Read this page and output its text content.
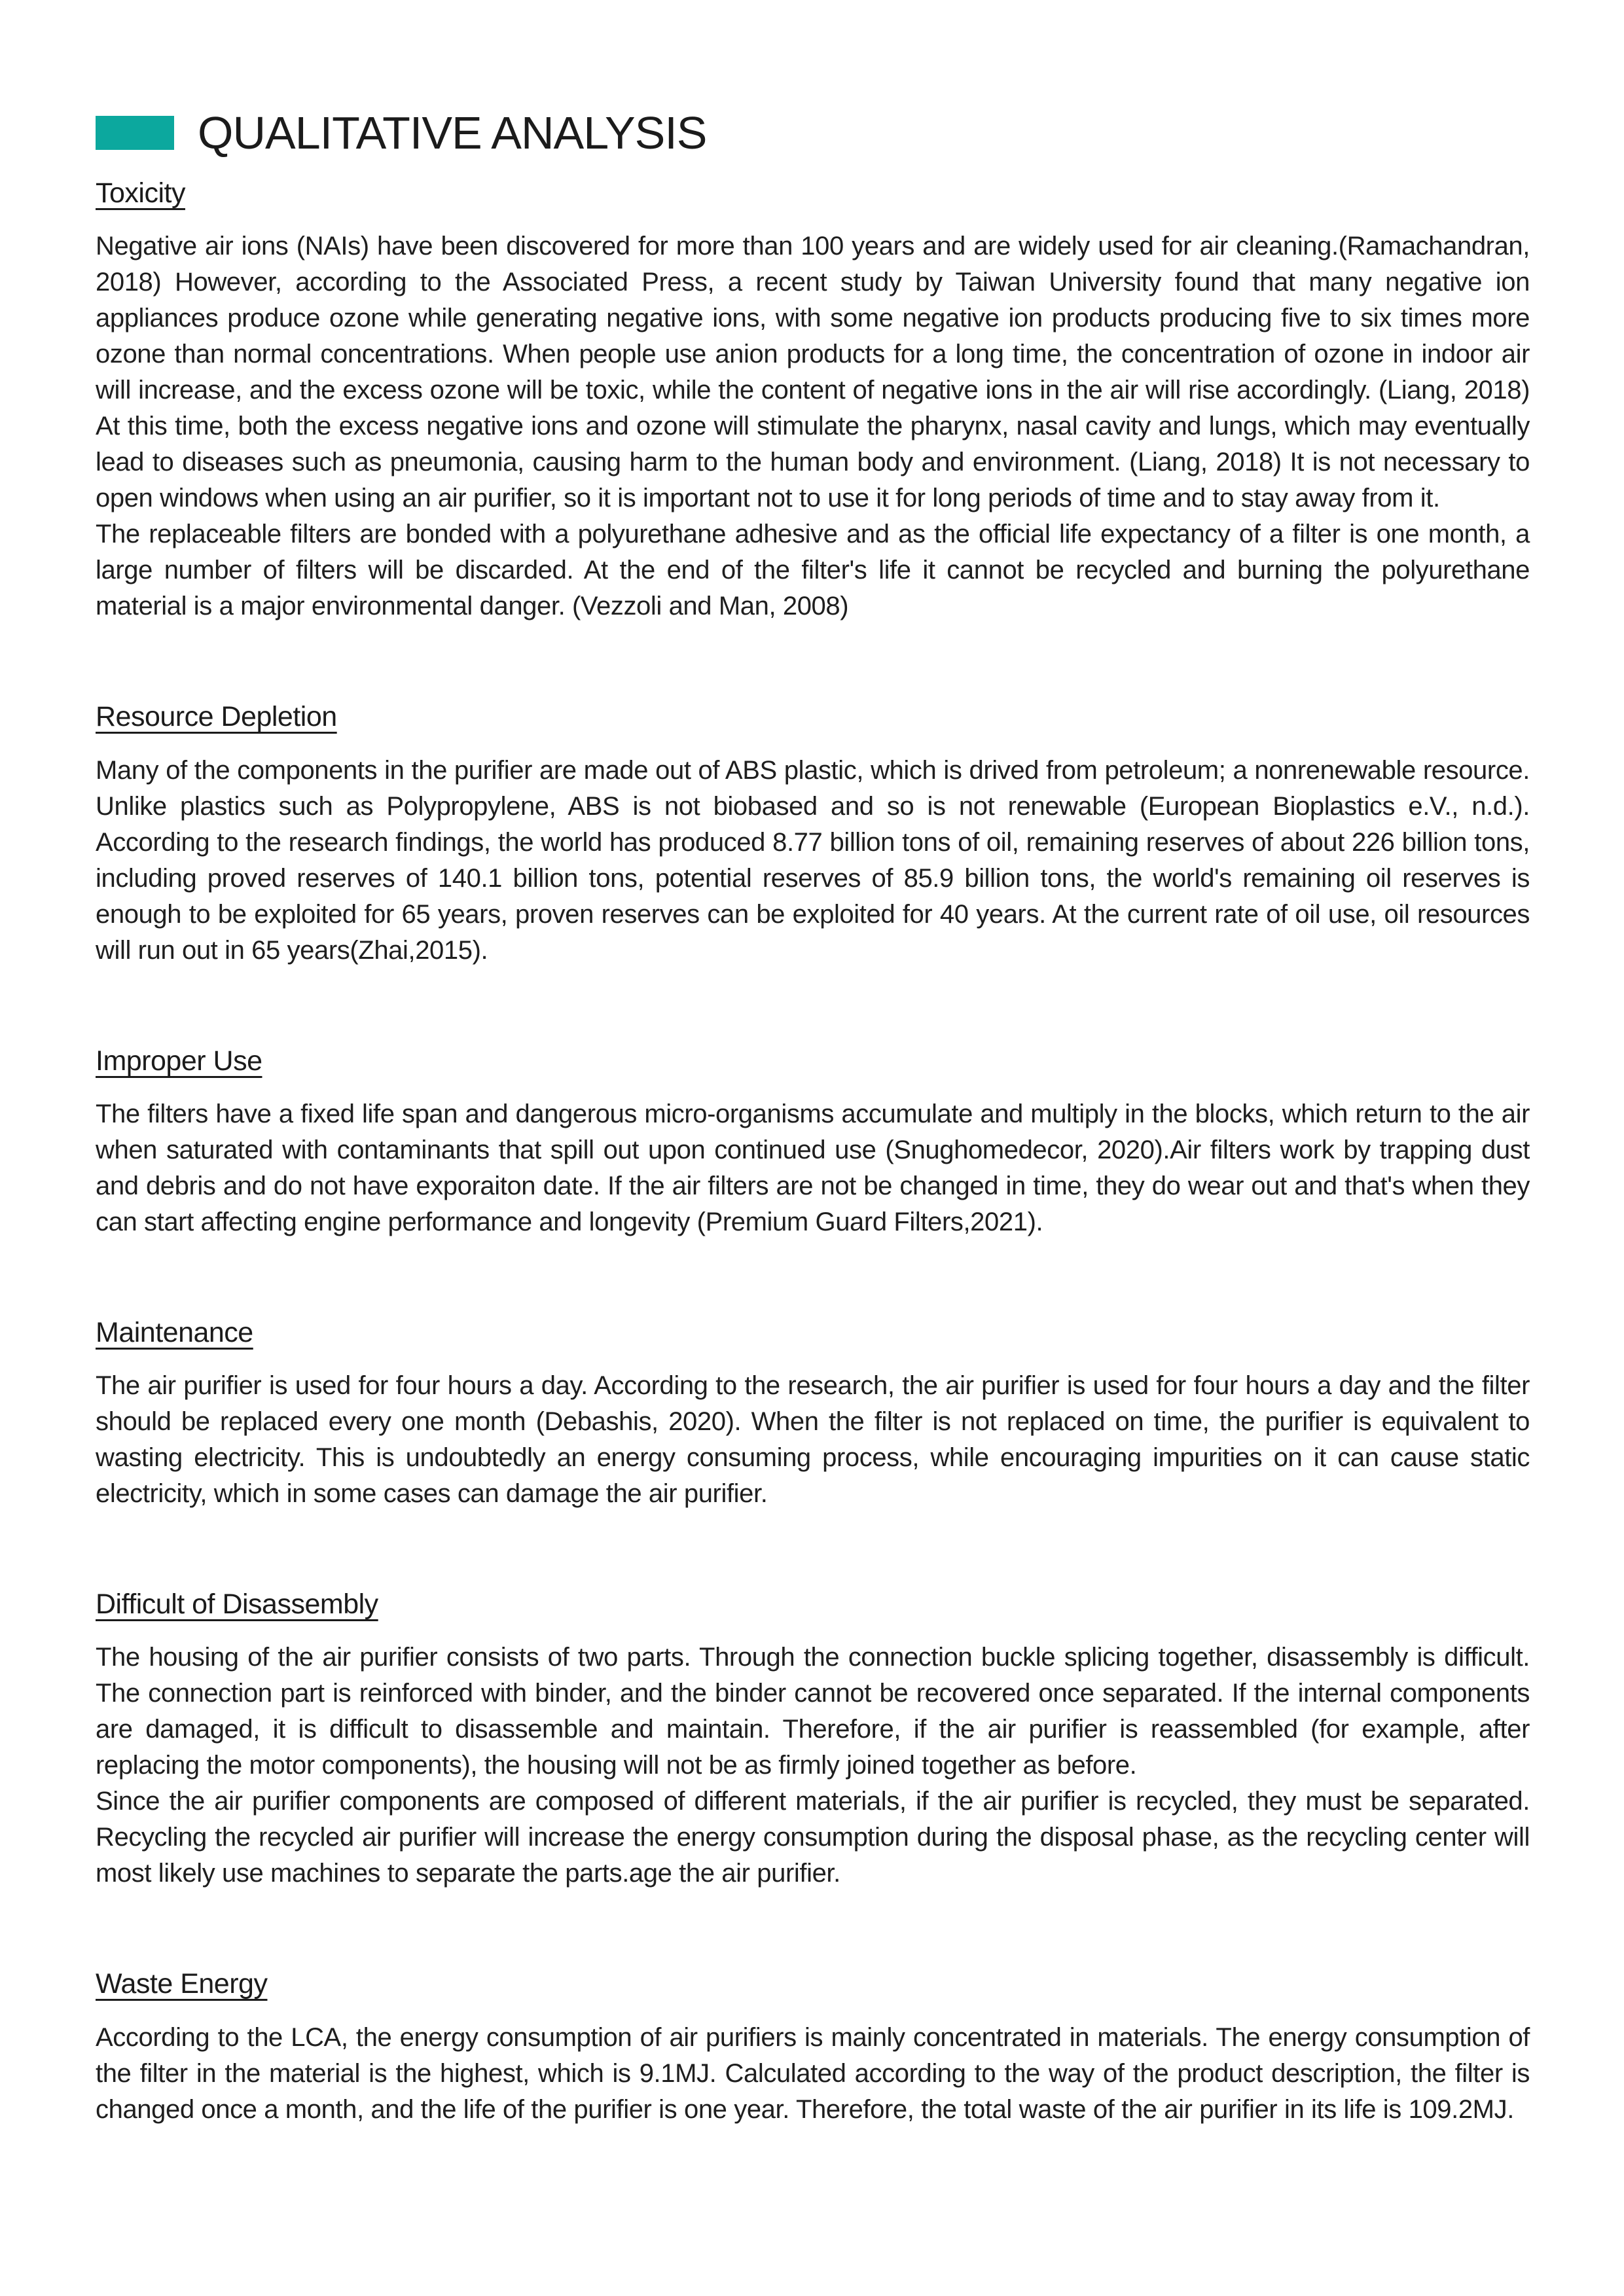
QUALITATIVE ANALYSIS
Toxicity

Negative air ions (NAIs) have been discovered for more than 100 years and are widely used for air cleaning.(Ramachandran, 2018) However, according to the Associated Press, a recent study by Taiwan University found that many negative ion appliances produce ozone while generating negative ions, with some negative ion products producing five to six times more ozone than normal concentrations. When people use anion products for a long time, the concentration of ozone in indoor air will increase, and the excess ozone will be toxic, while the content of negative ions in the air will rise accordingly. (Liang, 2018) At this time, both the excess negative ions and ozone will stimulate the pharynx, nasal cavity and lungs, which may eventually lead to diseases such as pneumonia, causing harm to the human body and environment. (Liang, 2018) It is not necessary to open windows when using an air purifier, so it is important not to use it for long periods of time and to stay away from it.

The replaceable filters are bonded with a polyurethane adhesive and as the official life expectancy of a filter is one month, a large number of filters will be discarded. At the end of the filter's life it cannot be recycled and burning the polyurethane material is a major environmental danger. (Vezzoli and Man, 2008)

Resource Depletion

Many of the components in the purifier are made out of ABS plastic, which is drived from petroleum; a nonrenewable resource. Unlike plastics such as Polypropylene, ABS is not biobased and so is not renewable (European Bioplastics e.V., n.d.). According to the research findings, the world has produced 8.77 billion tons of oil, remaining reserves of about 226 billion tons, including proved reserves of 140.1 billion tons, potential reserves of 85.9 billion tons, the world's remaining oil reserves is enough to be exploited for 65 years, proven reserves can be exploited for 40 years. At the current rate of oil use, oil resources will run out in 65 years(Zhai,2015).

Improper Use

The filters have a fixed life span and dangerous micro-organisms accumulate and multiply in the blocks, which return to the air when saturated with contaminants that spill out upon continued use (Snughomedecor, 2020).Air filters work by trapping dust and debris and do not have exporaiton date. If the air filters are not be changed in time, they do wear out and that's when they can start affecting engine performance and longevity (Premium Guard Filters,2021).

Maintenance

The air purifier is used for four hours a day. According to the research, the air purifier is used for four hours a day and the filter should be replaced every one month (Debashis, 2020). When the filter is not replaced on time, the purifier is equivalent to wasting electricity. This is undoubtedly an energy consuming process, while encouraging impurities on it can cause static electricity, which in some cases can damage the air purifier.

Difficult of Disassembly

The housing of the air purifier consists of two parts. Through the connection buckle splicing together, disassembly is difficult. The connection part is reinforced with binder, and the binder cannot be recovered once separated. If the internal components are damaged, it is difficult to disassemble and maintain. Therefore, if the air purifier is reassembled (for example, after replacing the motor components), the housing will not be as firmly joined together as before.

Since the air purifier components are composed of different materials, if the air purifier is recycled, they must be separated. Recycling the recycled air purifier will increase the energy consumption during the disposal phase, as the recycling center will most likely use machines to separate the parts.age the air purifier.

Waste Energy

According to the LCA, the energy consumption of air purifiers is mainly concentrated in materials. The energy consumption of the filter in the material is the highest, which is 9.1MJ. Calculated according to the way of the product description, the filter is changed once a month, and the life of the purifier is one year. Therefore, the total waste of the air purifier in its life is 109.2MJ.
